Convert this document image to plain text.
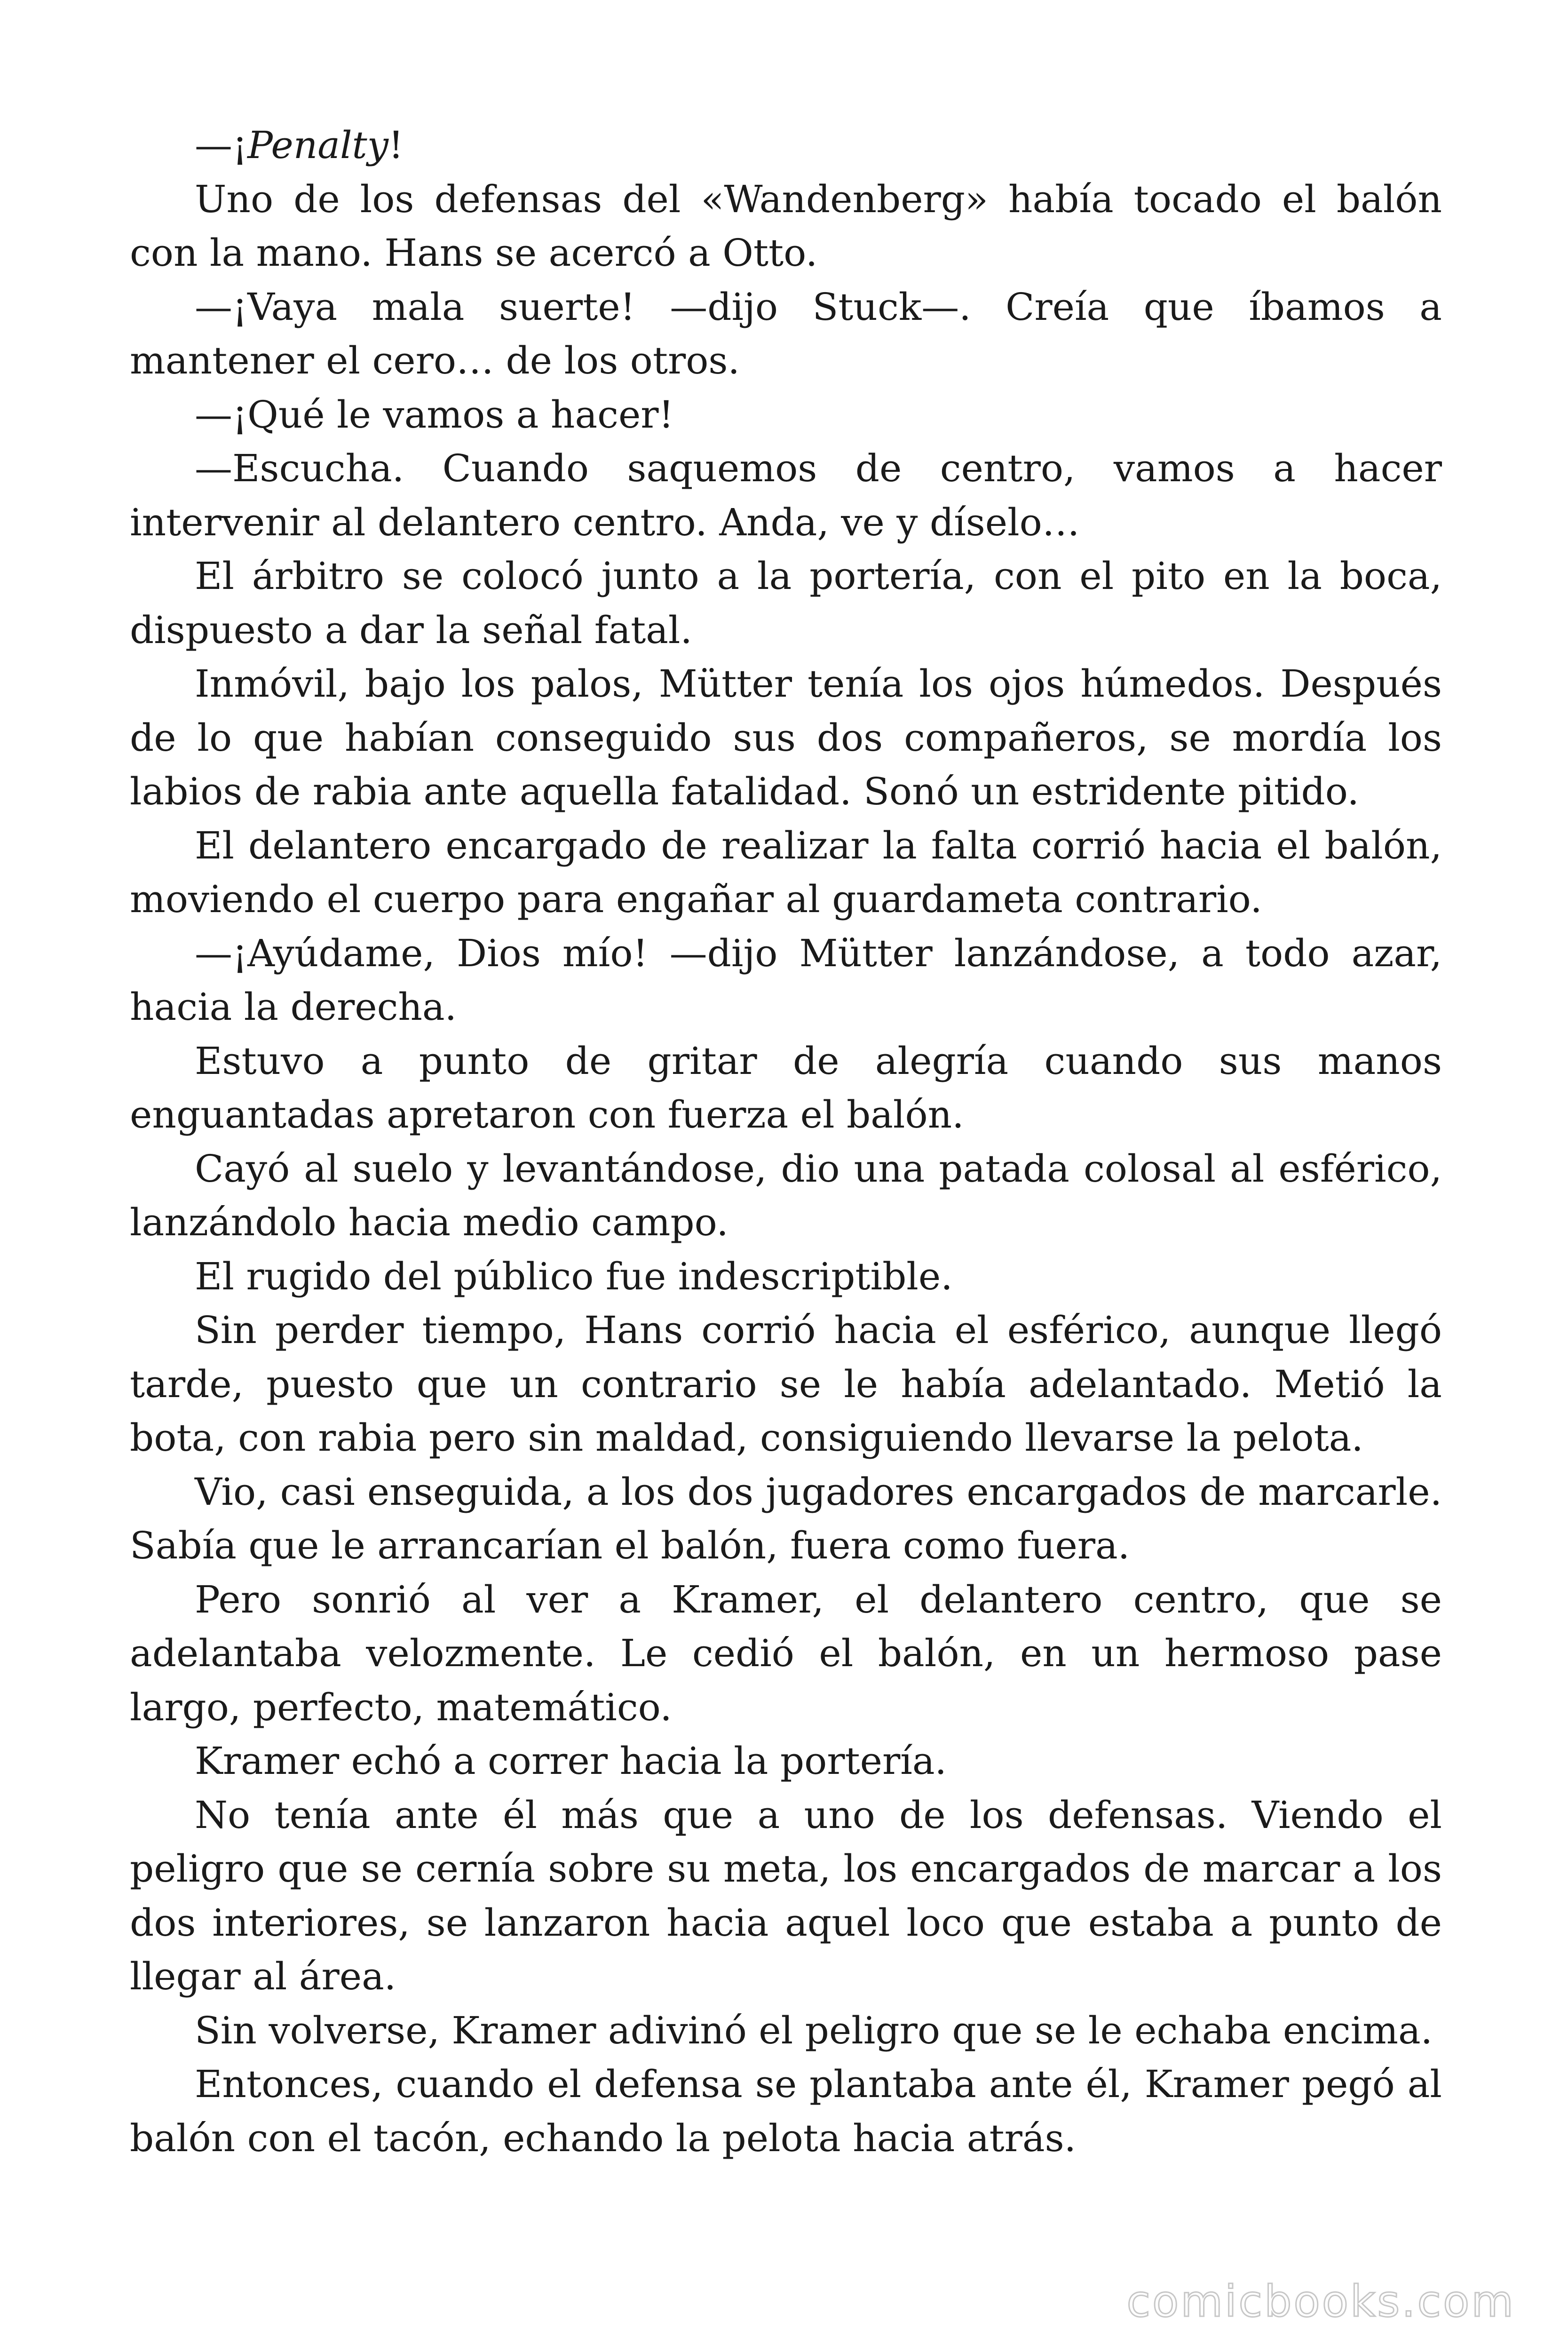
—¡Penalty!

Uno de los defensas del «Wandenberg» había tocado el balón con la mano. Hans se acercó a Otto.

—¡Vaya mala suerte! —dijo Stuck—. Creía que íbamos a mantener el cero… de los otros.

—¡Qué le vamos a hacer!

—Escucha. Cuando saquemos de centro, vamos a hacer intervenir al delantero centro. Anda, ve y díselo…

El árbitro se colocó junto a la portería, con el pito en la boca, dispuesto a dar la señal fatal.

Inmóvil, bajo los palos, Mütter tenía los ojos húmedos. Después de lo que habían conseguido sus dos compañeros, se mordía los labios de rabia ante aquella fatalidad. Sonó un estridente pitido.

El delantero encargado de realizar la falta corrió hacia el balón, moviendo el cuerpo para engañar al guardameta contrario.

—¡Ayúdame, Dios mío! —dijo Mütter lanzándose, a todo azar, hacia la derecha.

Estuvo a punto de gritar de alegría cuando sus manos enguantadas apretaron con fuerza el balón.

Cayó al suelo y levantándose, dio una patada colosal al esférico, lanzándolo hacia medio campo.

El rugido del público fue indescriptible.

Sin perder tiempo, Hans corrió hacia el esférico, aunque llegó tarde, puesto que un contrario se le había adelantado. Metió la bota, con rabia pero sin maldad, consiguiendo llevarse la pelota.

Vio, casi enseguida, a los dos jugadores encargados de marcarle. Sabía que le arrancarían el balón, fuera como fuera.

Pero sonrió al ver a Kramer, el delantero centro, que se adelantaba velozmente. Le cedió el balón, en un hermoso pase largo, perfecto, matemático.

Kramer echó a correr hacia la portería.

No tenía ante él más que a uno de los defensas. Viendo el peligro que se cernía sobre su meta, los encargados de marcar a los dos interiores, se lanzaron hacia aquel loco que estaba a punto de llegar al área.

Sin volverse, Kramer adivinó el peligro que se le echaba encima.

Entonces, cuando el defensa se plantaba ante él, Kramer pegó al balón con el tacón, echando la pelota hacia atrás.

comicbooks.com
